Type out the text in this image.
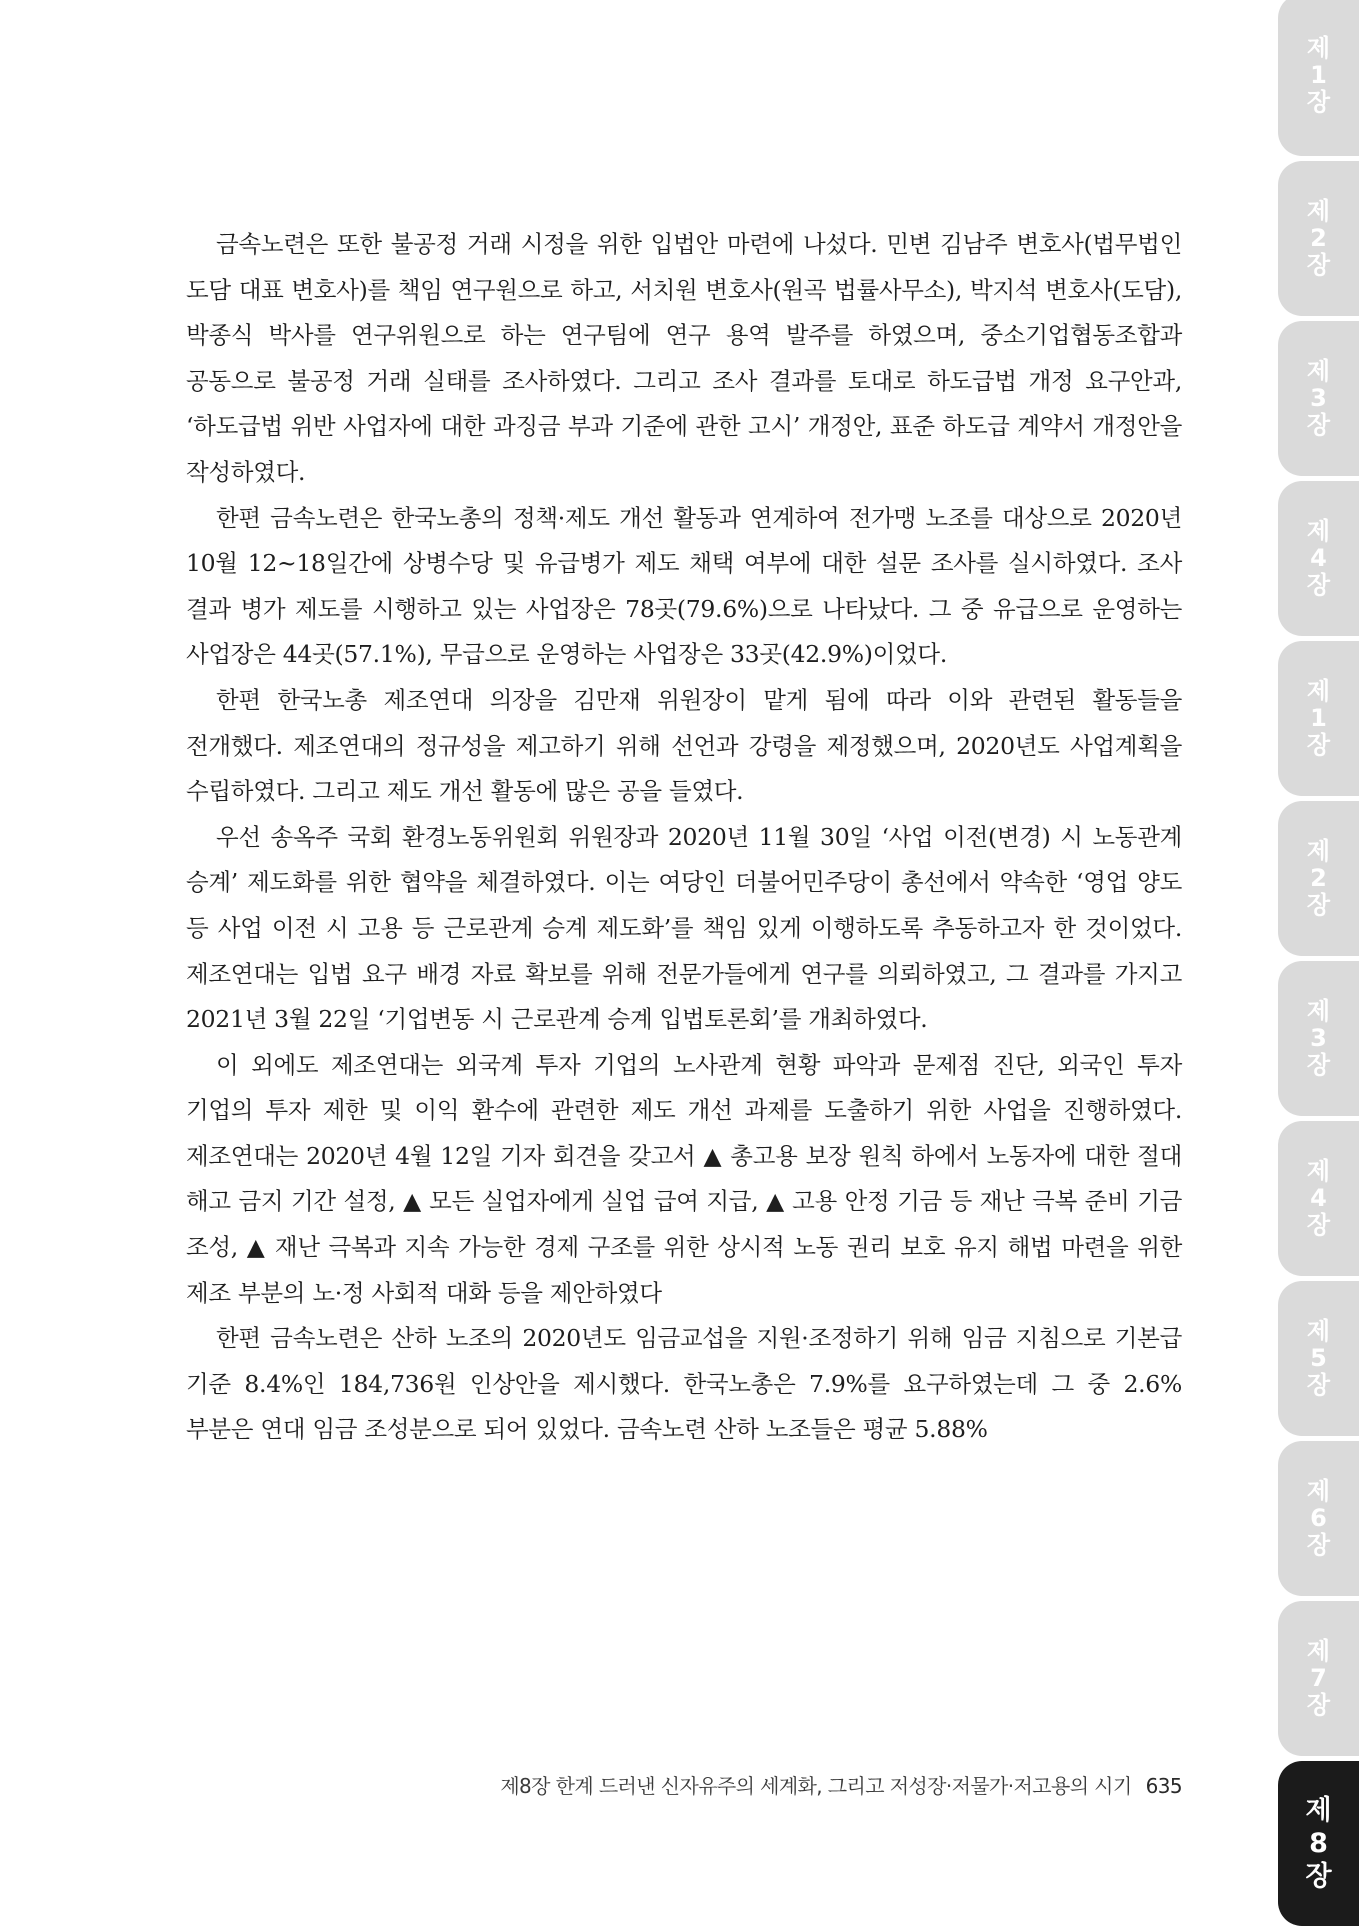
금속노련은 또한 불공정 거래 시정을 위한 입법안 마련에 나섰다. 민변 김남주 변호사(법무법인 도담 대표 변호사)를 책임 연구원으로 하고, 서치원 변호사(원곡 법률사무소), 박지석 변호사(도담), 박종식 박사를 연구위원으로 하는 연구팀에 연구 용역 발주를 하였으며, 중소기업협동조합과 공동으로 불공정 거래 실태를 조사하였다. 그리고 조사 결과를 토대로 하도급법 개정 요구안과, ‘하도급법 위반 사업자에 대한 과징금 부과 기준에 관한 고시’ 개정안, 표준 하도급 계약서 개정안을 작성하였다.

한편 금속노련은 한국노총의 정책·제도 개선 활동과 연계하여 전가맹 노조를 대상으로 2020년 10월 12~18일간에 상병수당 및 유급병가 제도 채택 여부에 대한 설문 조사를 실시하였다. 조사 결과 병가 제도를 시행하고 있는 사업장은 78곳(79.6%)으로 나타났다. 그 중 유급으로 운영하는 사업장은 44곳(57.1%), 무급으로 운영하는 사업장은 33곳(42.9%)이었다.

한편 한국노총 제조연대 의장을 김만재 위원장이 맡게 됨에 따라 이와 관련된 활동들을 전개했다. 제조연대의 정규성을 제고하기 위해 선언과 강령을 제정했으며, 2020년도 사업계획을 수립하였다. 그리고 제도 개선 활동에 많은 공을 들였다.

우선 송옥주 국회 환경노동위원회 위원장과 2020년 11월 30일 ‘사업 이전(변경) 시 노동관계 승계’ 제도화를 위한 협약을 체결하였다. 이는 여당인 더불어민주당이 총선에서 약속한 ‘영업 양도 등 사업 이전 시 고용 등 근로관계 승계 제도화’를 책임 있게 이행하도록 추동하고자 한 것이었다. 제조연대는 입법 요구 배경 자료 확보를 위해 전문가들에게 연구를 의뢰하였고, 그 결과를 가지고 2021년 3월 22일 ‘기업변동 시 근로관계 승계 입법토론회’를 개최하였다.

이 외에도 제조연대는 외국계 투자 기업의 노사관계 현황 파악과 문제점 진단, 외국인 투자 기업의 투자 제한 및 이익 환수에 관련한 제도 개선 과제를 도출하기 위한 사업을 진행하였다. 제조연대는 2020년 4월 12일 기자 회견을 갖고서 ▲ 총고용 보장 원칙 하에서 노동자에 대한 절대 해고 금지 기간 설정, ▲ 모든 실업자에게 실업 급여 지급, ▲ 고용 안정 기금 등 재난 극복 준비 기금 조성, ▲ 재난 극복과 지속 가능한 경제 구조를 위한 상시적 노동 권리 보호 유지 해법 마련을 위한 제조 부분의 노·정 사회적 대화 등을 제안하였다

한편 금속노련은 산하 노조의 2020년도 임금교섭을 지원·조정하기 위해 임금 지침으로 기본급 기준 8.4%인 184,736원 인상안을 제시했다. 한국노총은 7.9%를 요구하였는데 그 중 2.6% 부분은 연대 임금 조성분으로 되어 있었다. 금속노련 산하 노조들은 평균 5.88%

제8장 한계 드러낸 신자유주의 세계화, 그리고 저성장·저물가·저고용의 시기 635
제
1
장
제
2
장
제
3
장
제
4
장
제
1
장
제
2
장
제
3
장
제
4
장
제
5
장
제
6
장
제
7
장
제
8
장
